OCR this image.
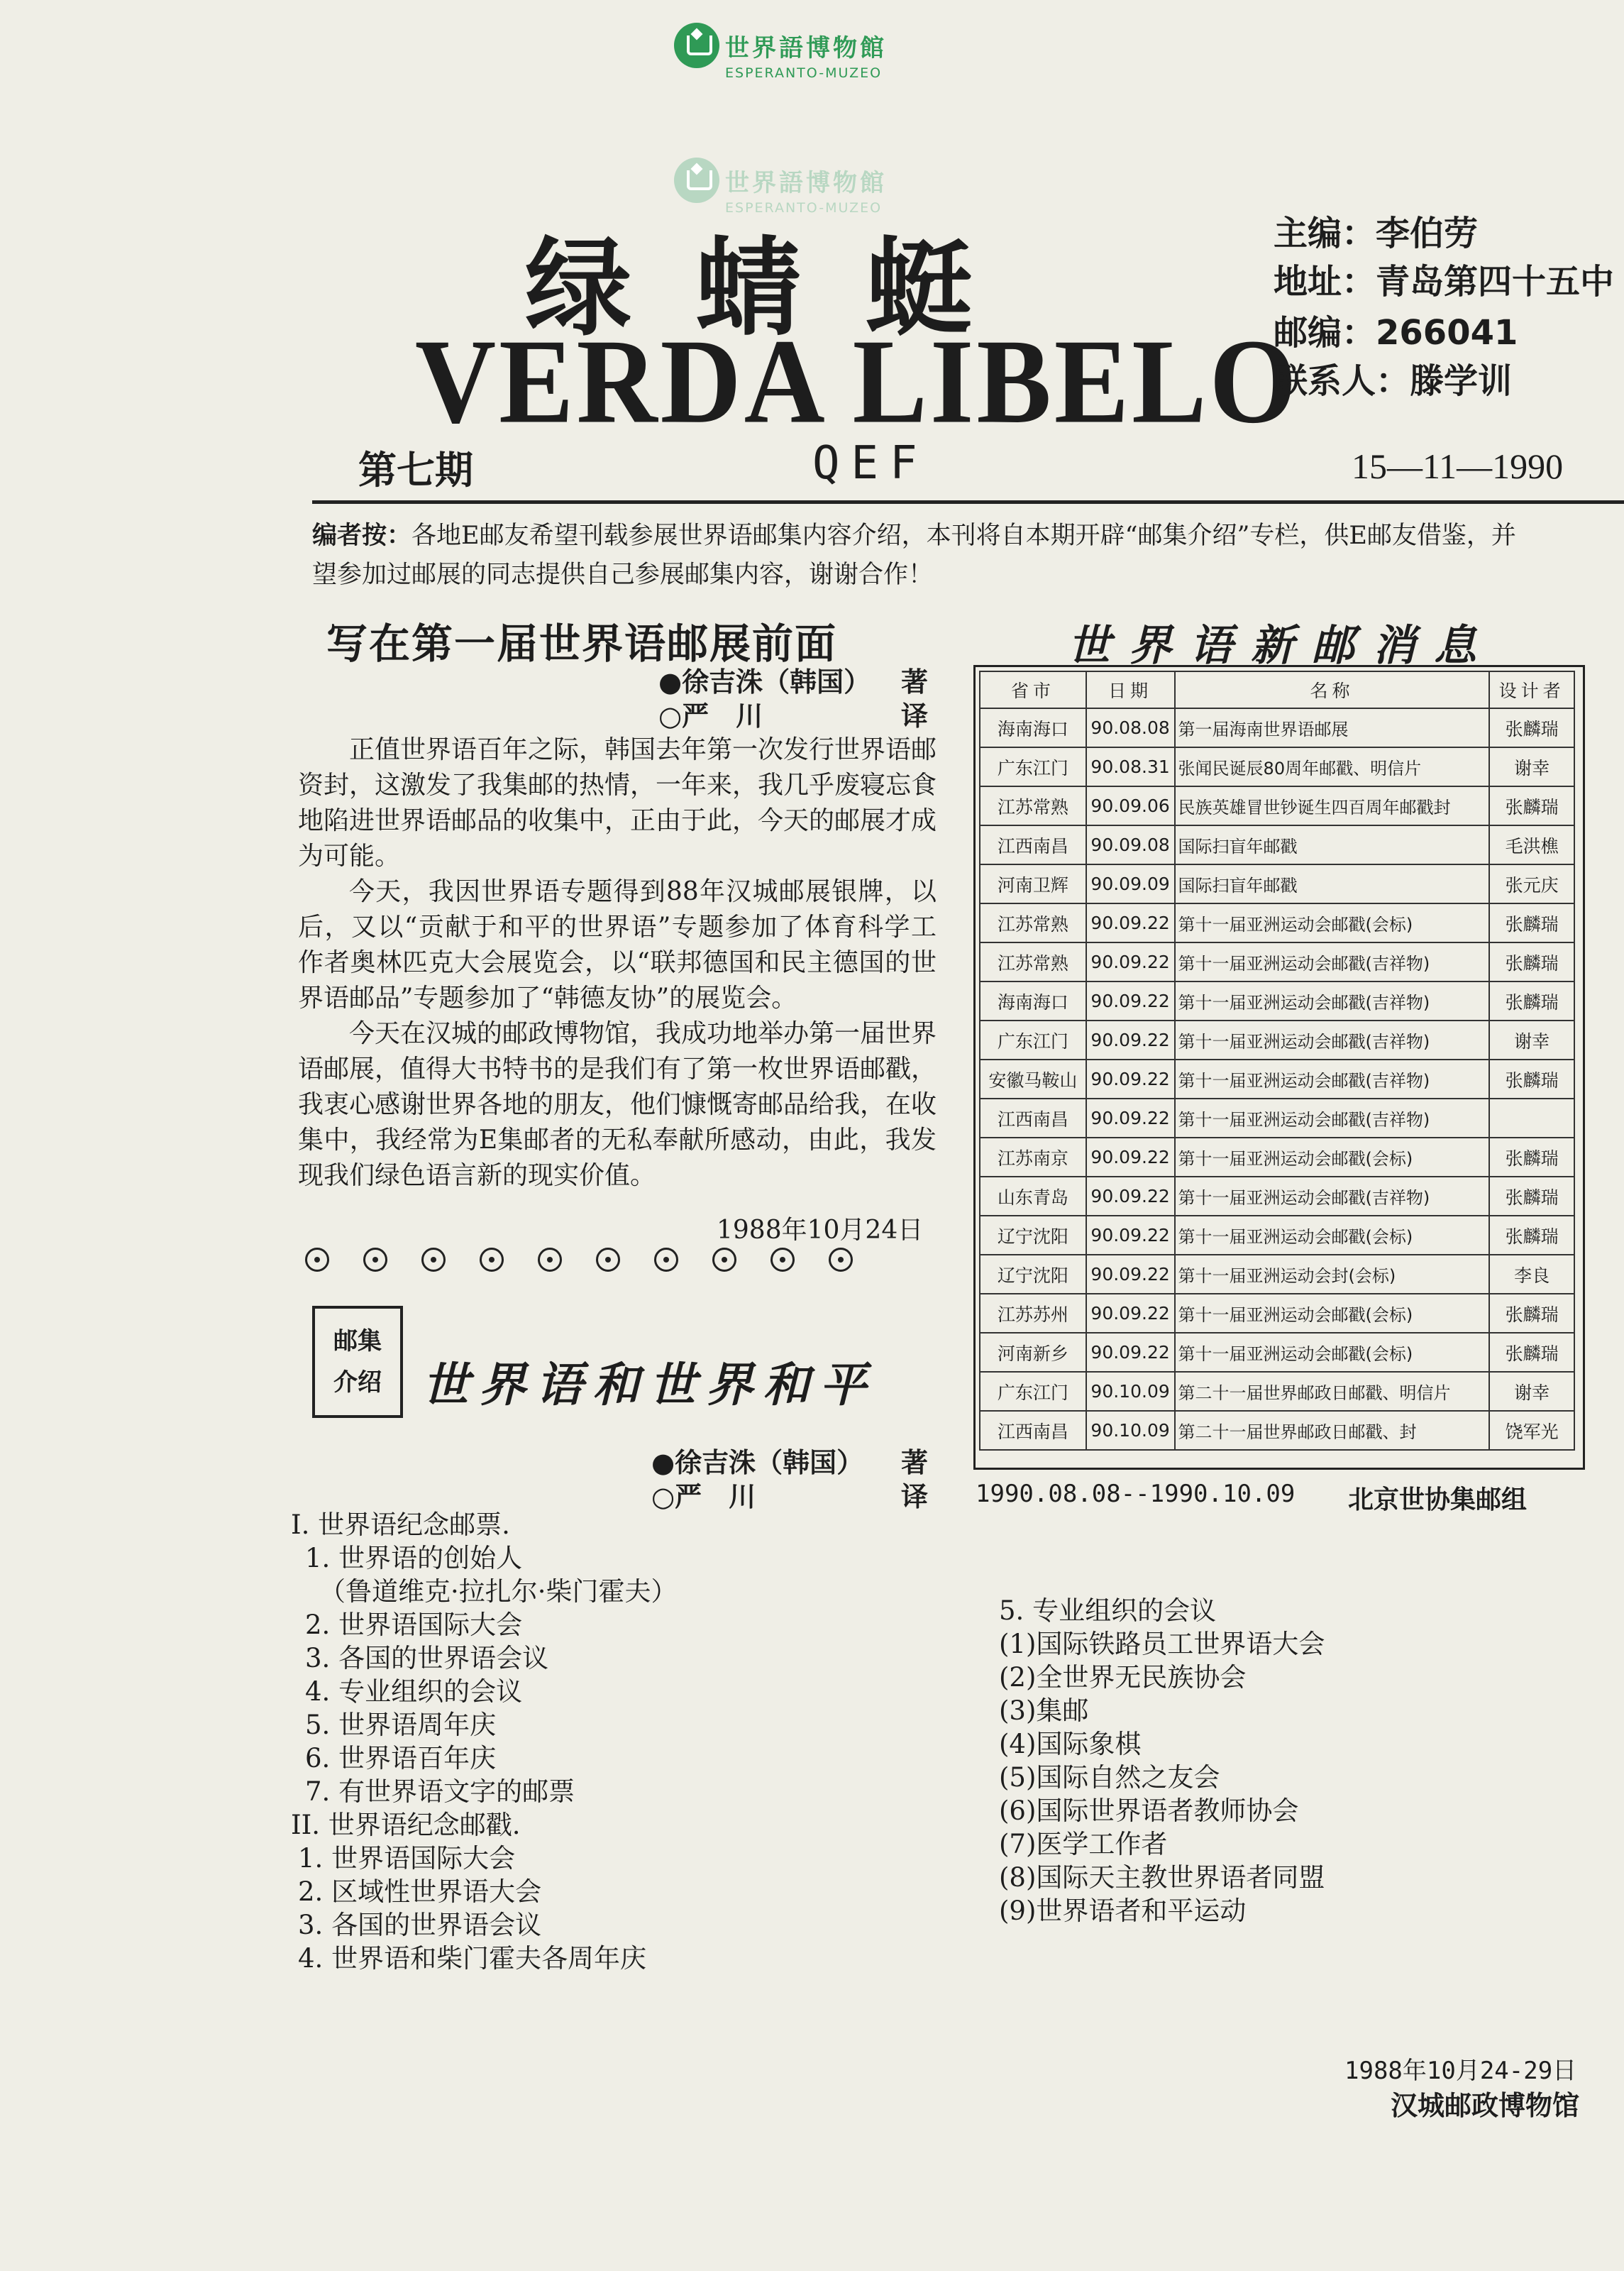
世界語博物館
ESPERANTO-MUZEO
世界語博物館
ESPERANTO-MUZEO
绿蜻蜓
VERDA LIBELO
主编：李伯劳
地址：青岛第四十五中
邮编：266041
联系人：滕学训
第七期	QEF	15—11—1990
编者按：各地E邮友希望刊载参展世界语邮集内容介绍，本刊将自本期开辟“邮集介绍”专栏，供E邮友借鉴，并望参加过邮展的同志提供自己参展邮集内容，谢谢合作！
写在第一届世界语邮展前面
●徐吉洙（韩国） 著
○严　川	译

正值世界语百年之际，韩国去年第一次发行世界语邮资封，这激发了我集邮的热情，一年来，我几乎废寝忘食地陷进世界语邮品的收集中，正由于此，今天的邮展才成为可能。

今天，我因世界语专题得到88年汉城邮展银牌，以后，又以“贡献于和平的世界语”专题参加了体育科学工作者奥林匹克大会展览会，以“联邦德国和民主德国的世界语邮品”专题参加了“韩德友协”的展览会。

今天在汉城的邮政博物馆，我成功地举办第一届世界语邮展，值得大书特书的是我们有了第一枚世界语邮戳，我衷心感谢世界各地的朋友，他们慷慨寄邮品给我，在收集中，我经常为E集邮者的无私奉献所感动，由此，我发现我们绿色语言新的现实价值。

1988年10月24日
邮集
介绍 世界语和世界和平
●徐吉洙（韩国） 著
○严　川	译
I. 世界语纪念邮票.
1. 世界语的创始人
（鲁道维克·拉扎尔·柴门霍夫）
2. 世界语国际大会
3. 各国的世界语会议
4. 专业组织的会议
5. 世界语周年庆
6. 世界语百年庆
7. 有世界语文字的邮票
II. 世界语纪念邮戳.
1. 世界语国际大会
2. 区域性世界语大会
3. 各国的世界语会议
4. 世界语和柴门霍夫各周年庆
5. 专业组织的会议
(1)国际铁路员工世界语大会
(2)全世界无民族协会
(3)集邮
(4)国际象棋
(5)国际自然之友会
(6)国际世界语者教师协会
(7)医学工作者
(8)国际天主教世界语者同盟
(9)世界语者和平运动
1988年10月24-29日
汉城邮政博物馆
世界语新邮消息
省市	日期	名称	设计者
海南海口	90.08.08	第一届海南世界语邮展	张麟瑞
广东江门	90.08.31	张闻民诞辰80周年邮戳、明信片	谢幸
江苏常熟	90.09.06	民族英雄冒世钞诞生四百周年邮戳封	张麟瑞
江西南昌	90.09.08	国际扫盲年邮戳	毛洪樵
河南卫辉	90.09.09	国际扫盲年邮戳	张元庆
江苏常熟	90.09.22	第十一届亚洲运动会邮戳(会标)	张麟瑞
江苏常熟	90.09.22	第十一届亚洲运动会邮戳(吉祥物)	张麟瑞
海南海口	90.09.22	第十一届亚洲运动会邮戳(吉祥物)	张麟瑞
广东江门	90.09.22	第十一届亚洲运动会邮戳(吉祥物)	谢幸
安徽马鞍山	90.09.22	第十一届亚洲运动会邮戳(吉祥物)	张麟瑞
江西南昌	90.09.22	第十一届亚洲运动会邮戳(吉祥物)	
江苏南京	90.09.22	第十一届亚洲运动会邮戳(会标)	张麟瑞
山东青岛	90.09.22	第十一届亚洲运动会邮戳(吉祥物)	张麟瑞
辽宁沈阳	90.09.22	第十一届亚洲运动会邮戳(会标)	张麟瑞
辽宁沈阳	90.09.22	第十一届亚洲运动会封(会标)	李良
江苏苏州	90.09.22	第十一届亚洲运动会邮戳(会标)	张麟瑞
河南新乡	90.09.22	第十一届亚洲运动会邮戳(会标)	张麟瑞
广东江门	90.10.09	第二十一届世界邮政日邮戳、明信片	谢幸
江西南昌	90.10.09	第二十一届世界邮政日邮戳、封	饶军光
1990.08.08--1990.10.09 北京世协集邮组
